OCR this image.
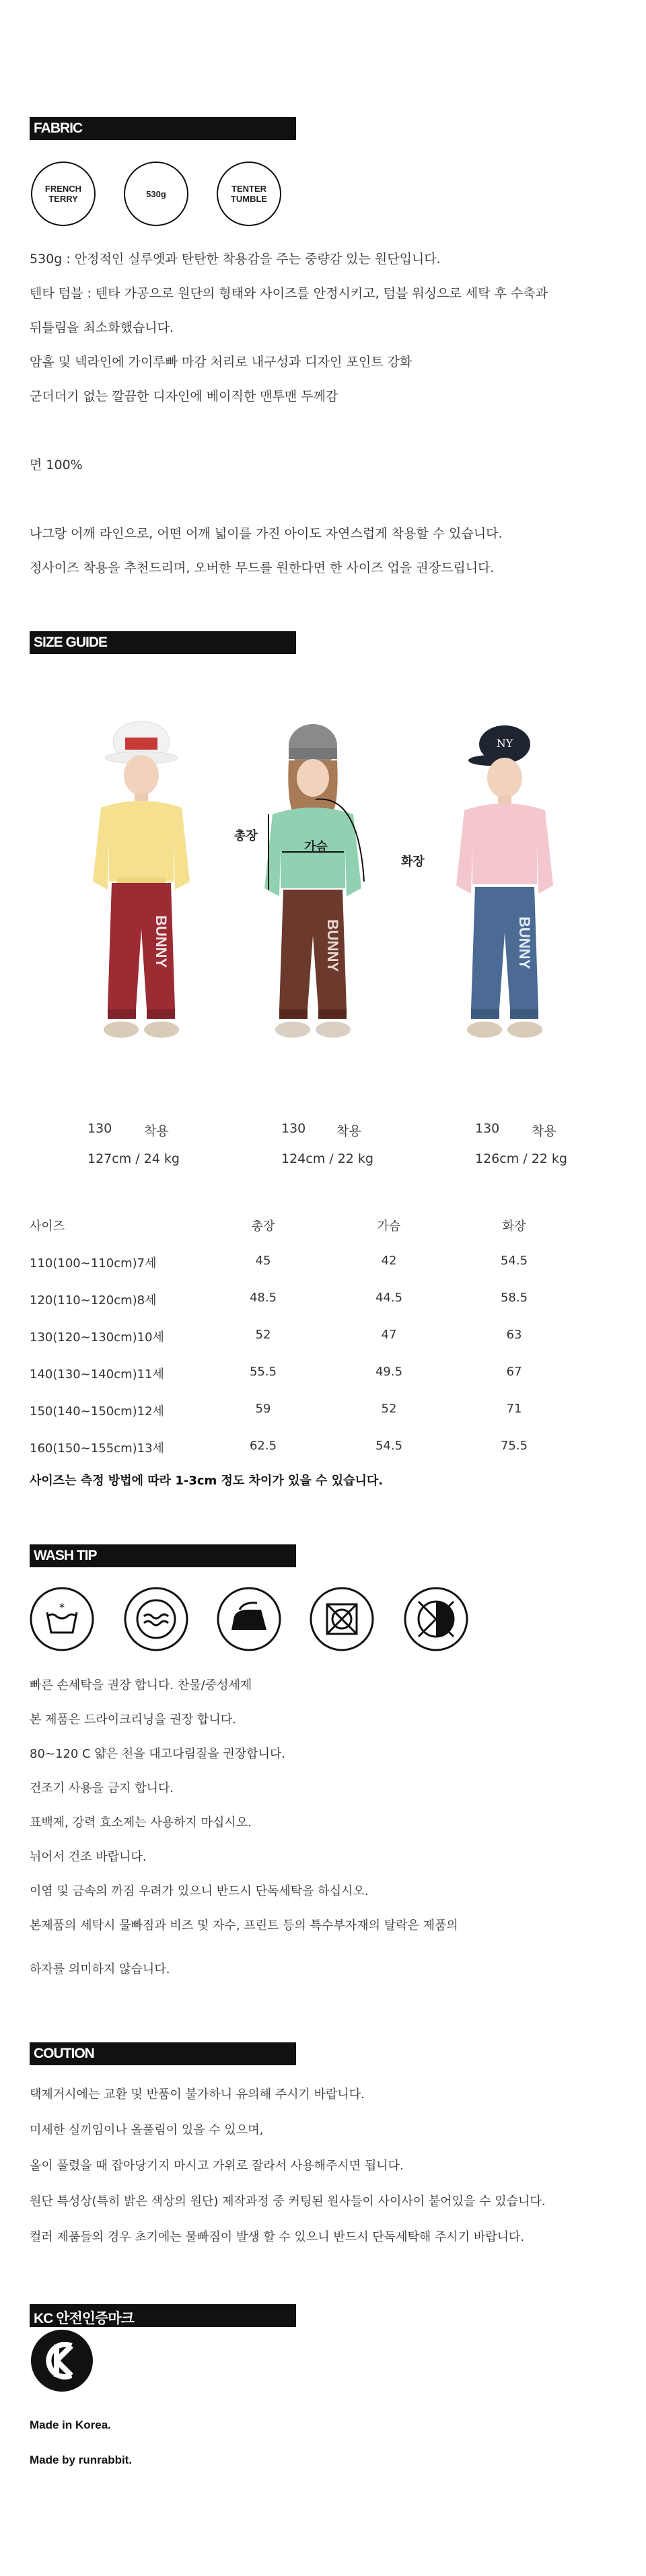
FABRIC
FRENCH TERRY	530g	TENTER TUMBLE
530g : 안정적인 실루엣과 탄탄한 착용감을 주는 중량감 있는 원단입니다.
텐타 텀블 : 텐타 가공으로 원단의 형태와 사이즈를 안정시키고, 텀블 워싱으로 세탁 후 수축과
뒤틀림을 최소화했습니다.
암홀 및 넥라인에 가이루빠 마감 처리로 내구성과 디자인 포인트 강화
군더더기 없는 깔끔한 디자인에 베이직한 맨투맨 두께감
면 100%
나그랑 어깨 라인으로, 어떤 어깨 넓이를 가진 아이도 자연스럽게 착용할 수 있습니다.
정사이즈 착용을 추천드리며, 오버한 무드를 원한다면 한 사이즈 업을 권장드립니다.
SIZE GUIDE
BUNNY	BUNNY
총장
가슴
화장
NY
BUNNY
130	착용
127cm / 24 kg
130 착용
124cm / 22 kg
130	착용
126cm / 22 kg
사이즈	총장	가슴	화장
110(100~110cm)7세	45	42	54.5
120(110~120cm)8세	48.5	44.5	58.5
130(120~130cm)10세	52	47	63
140(130~140cm)11세	55.5	49.5	67
150(140~150cm)12세	59	52	71
160(150~155cm)13세	62.5	54.5	75.5
사이즈는 측정 방법에 따라 1-3cm 정도 차이가 있을 수 있습니다.
WASH TIP
*
빠른 손세탁을 권장 합니다. 찬물/중성세제
본 제품은 드라이크리닝을 권장 합니다.
80~120 C 얇은 천을 대고다림질을 권장합니다.
건조기 사용을 금지 합니다.
표백제, 강력 효소제는 사용하지 마십시오.
뉘어서 건조 바랍니다.
이염 및 금속의 까짐 우려가 있으니 반드시 단독세탁을 하십시오.
본제품의 세탁시 물빠짐과 비즈 및 자수, 프린트 등의 특수부자재의 탈락은 제품의
하자를 의미하지 않습니다.
COUTION
택제거시에는 교환 및 반품이 불가하니 유의해 주시기 바랍니다.
미세한 실끼임이나 올풀림이 있을 수 있으며,
올이 풀렸을 때 잡아당기지 마시고 가위로 잘라서 사용해주시면 됩니다.
원단 특성상(특히 밝은 색상의 원단) 제작과정 중 커팅된 원사들이 사이사이 붙어있을 수 있습니다.
컬러 제품들의 경우 초기에는 물빠짐이 발생 할 수 있으니 반드시 단독세탁해 주시기 바랍니다.
KC 안전인증마크
Made in Korea.
Made by runrabbit.
